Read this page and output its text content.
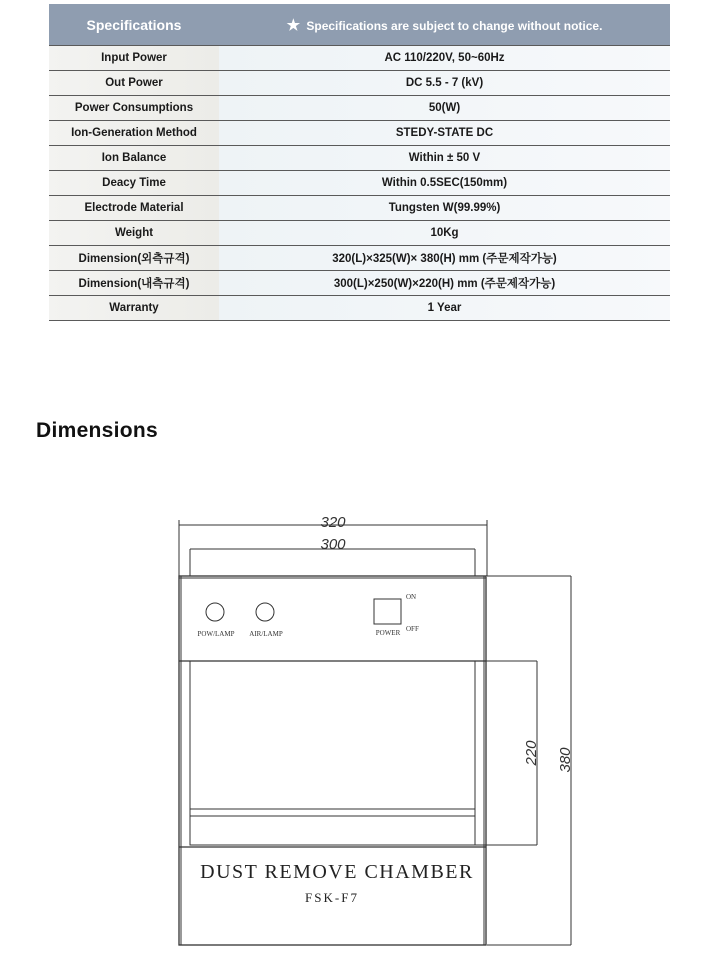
Specifications	★ Specifications are subject to change without notice.
Input Power	AC 110/220V, 50~60Hz
Out Power	DC 5.5 - 7 (kV)
Power Consumptions	50(W)
Ion-Generation Method	STEDY-STATE DC
Ion Balance	Within ± 50 V
Deacy Time	Within 0.5SEC(150mm)
Electrode Material	Tungsten W(99.99%)
Weight	10Kg
Dimension(외측규격)	320(L)×325(W)× 380(H) mm (주문제작가능)
Dimension(내측규격)	300(L)×250(W)×220(H) mm (주문제작가능)
Warranty	1 Year
Dimensions
320
300
220 380
POW/LAMP AIR/LAMP	POWER
ON
OFF
DUST REMOVE CHAMBER
FSK-F7
